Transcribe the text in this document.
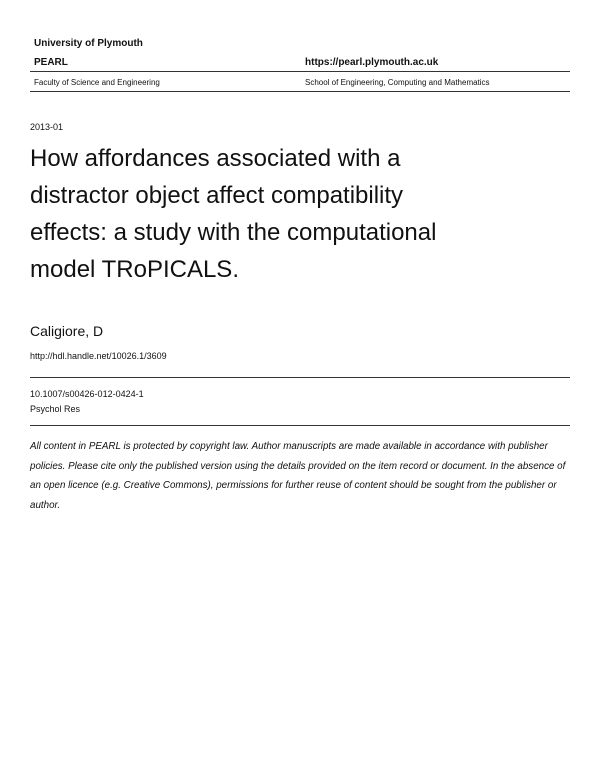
University of Plymouth
PEARL	https://pearl.plymouth.ac.uk
Faculty of Science and Engineering	School of Engineering, Computing and Mathematics
2013-01
How affordances associated with a
distractor object affect compatibility
effects: a study with the computational
model TRoPICALS.
Caligiore, D
http://hdl.handle.net/10026.1/3609
10.1007/s00426-012-0424-1
Psychol Res
All content in PEARL is protected by copyright law. Author manuscripts are made available in accordance with publisher policies. Please cite only the published version using the details provided on the item record or document. In the absence of an open licence (e.g. Creative Commons), permissions for further reuse of content should be sought from the publisher or author.
